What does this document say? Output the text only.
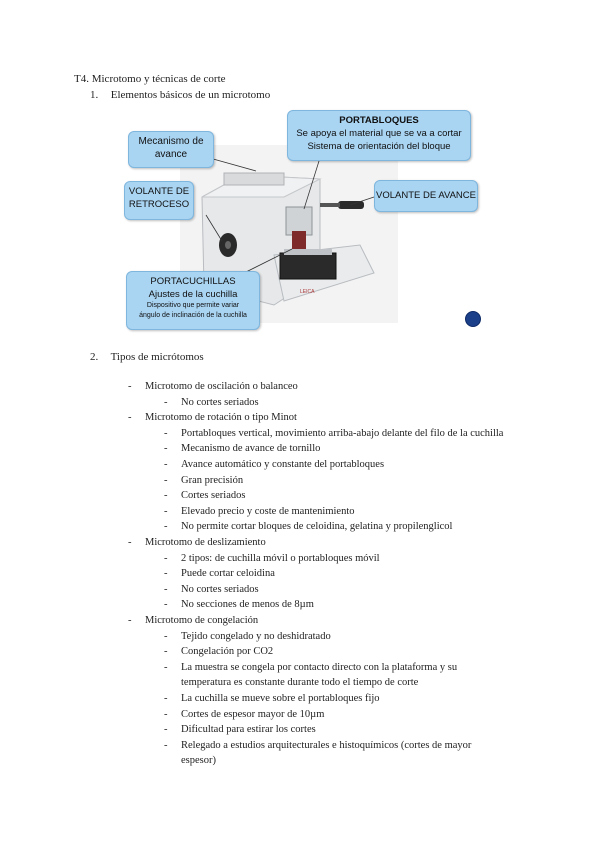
T4. Microtomo y técnicas de corte
1. Elementos básicos de un microtomo
LEICA
Mecanismo de
avance
PORTABLOQUES
Se apoya el material que se va a cortar
Sistema de orientación del bloque
VOLANTE DE
RETROCESO
VOLANTE DE AVANCE
PORTACUCHILLAS
Ajustes de la cuchilla
Dispositivo que permite variar
ángulo de inclinación de la cuchilla
2. Tipos de micrótomos
- Microtomo de oscilación o balanceo
- No cortes seriados
- Microtomo de rotación o tipo Minot
- Portabloques vertical, movimiento arriba-abajo delante del filo de la cuchilla
- Mecanismo de avance de tornillo
- Avance automático y constante del portabloques
- Gran precisión
- Cortes seriados
- Elevado precio y coste de mantenimiento
- No permite cortar bloques de celoidina, gelatina y propilenglicol
- Microtomo de deslizamiento
- 2 tipos: de cuchilla móvil o portabloques móvil
- Puede cortar celoidina
- No cortes seriados
- No secciones de menos de 8µm
- Microtomo de congelación
- Tejido congelado y no deshidratado
- Congelación por CO2
- La muestra se congela por contacto directo con la plataforma y su
temperatura es constante durante todo el tiempo de corte
- La cuchilla se mueve sobre el portabloques fijo
- Cortes de espesor mayor de 10µm
- Dificultad para estirar los cortes
- Relegado a estudios arquitecturales e histoquímicos (cortes de mayor
espesor)
